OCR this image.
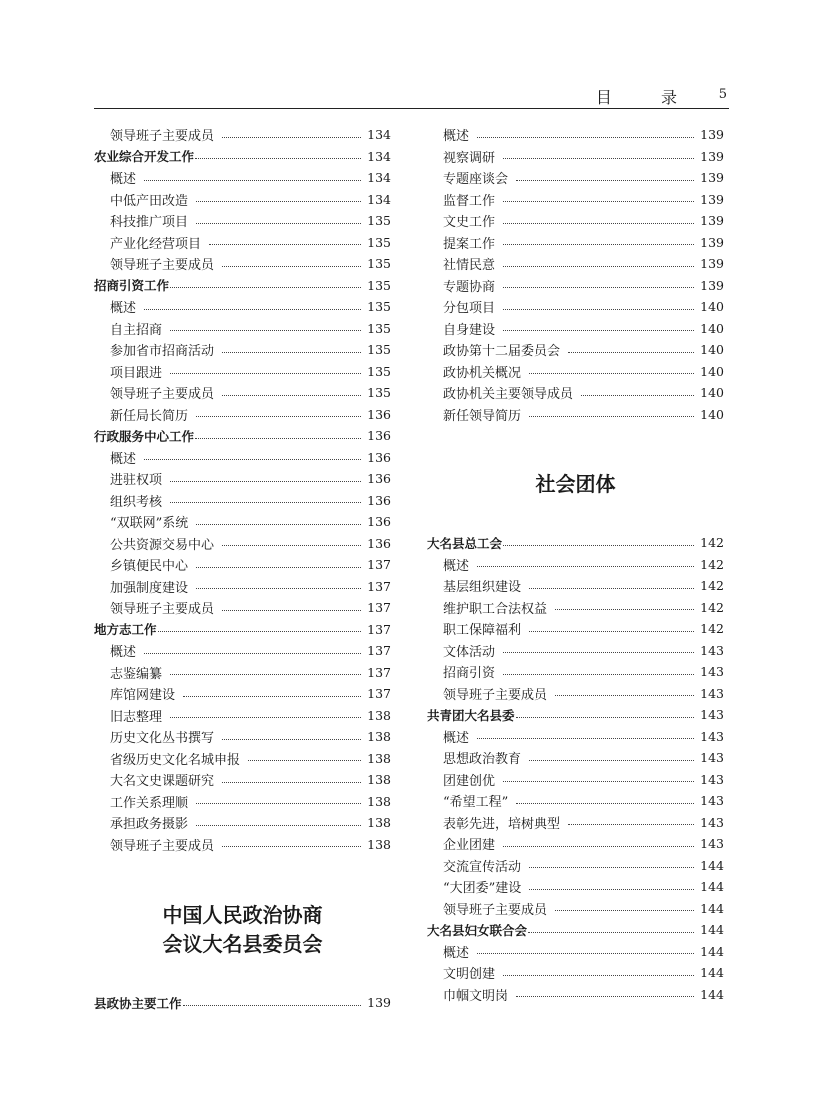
目 录 5
领导班子主要成员	134
农业综合开发工作	134
概述	134
中低产田改造	134
科技推广项目	135
产业化经营项目	135
领导班子主要成员	135
招商引资工作	135
概述	135
自主招商	135
参加省市招商活动	135
项目跟进	135
领导班子主要成员	135
新任局长简历	136
行政服务中心工作	136
概述	136
进驻权项	136
组织考核	136
“双联网”系统	136
公共资源交易中心	136
乡镇便民中心	137
加强制度建设	137
领导班子主要成员	137
地方志工作	137
概述	137
志鉴编纂	137
库馆网建设	137
旧志整理	138
历史文化丛书撰写	138
省级历史文化名城申报	138
大名文史课题研究	138
工作关系理顺	138
承担政务摄影	138
领导班子主要成员	138
中国人民政治协商
会议大名县委员会
县政协主要工作	139
概述	139
视察调研	139
专题座谈会	139
监督工作	139
文史工作	139
提案工作	139
社情民意	139
专题协商	139
分包项目	140
自身建设	140
政协第十二届委员会	140
政协机关概况	140
政协机关主要领导成员	140
新任领导简历	140
社会团体
大名县总工会	142
概述	142
基层组织建设	142
维护职工合法权益	142
职工保障福利	142
文体活动	143
招商引资	143
领导班子主要成员	143
共青团大名县委	143
概述	143
思想政治教育	143
团建创优	143
“希望工程”	143
表彰先进，培树典型	143
企业团建	143
交流宣传活动	144
“大团委”建设	144
领导班子主要成员	144
大名县妇女联合会	144
概述	144
文明创建	144
巾帼文明岗	144
